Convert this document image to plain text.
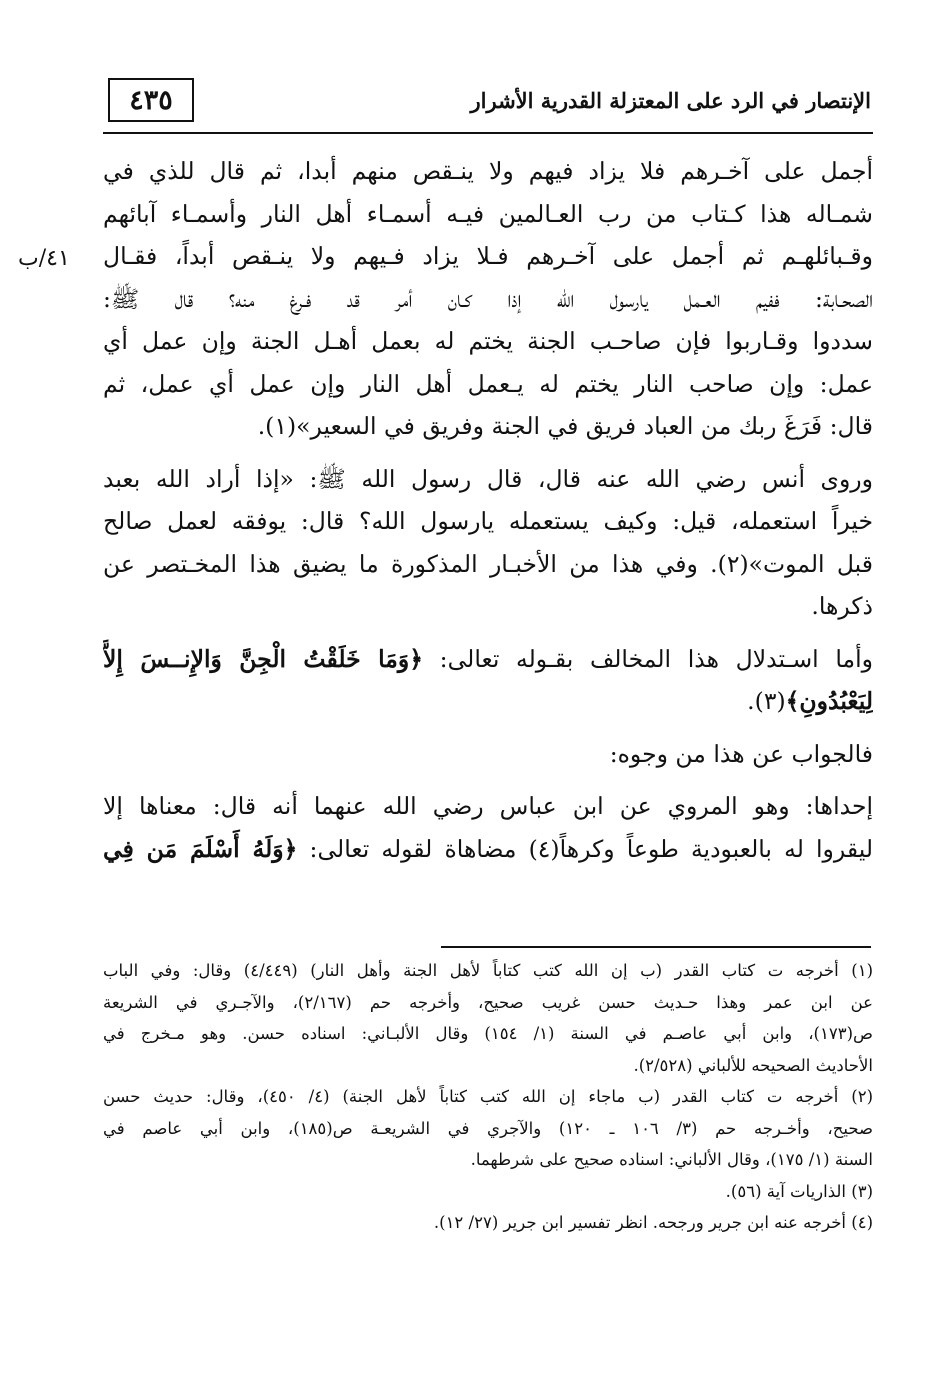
٤٣٥	الإنتصار في الرد على المعتزلة القدرية الأشرار
٤١/ب
أجمل على آخـرهم فلا يزاد فيهم ولا ينـقص منهم أبدا، ثم قال للذي في
شمـاله هذا كـتاب من رب العـالمين فيـه أسمـاء أهل النار وأسمـاء آبائهم
وقـبائلهـم ثم أجمل على آخـرهم فـلا يزاد فـيهم ولا ينـقص أبداً، فقـال
الصحـابة: ففيم العـمل يارسول الله إذا كـان أمر قد فـرغ منه؟ قال ﷺ:
سددوا وقـاربوا فإن صاحـب الجنة يختم له بعمل أهـل الجنة وإن عمل أي
عمل: وإن صاحب النار يختم له يـعمل أهل النار وإن عمل أي عمل، ثم
قال: فَرَغَ ربك من العباد فريق في الجنة وفريق في السعير»(١).
وروى أنس رضي الله عنه قال، قال رسول الله ﷺ: «إذا أراد الله بعبد
خيراً استعمله، قيل: وكيف يستعمله يارسول الله؟ قال: يوفقه لعمل صالح
قبل الموت»(٢). وفي هذا من الأخبـار المذكورة ما يضيق هذا المخـتصر عن
ذكرها.
وأما اسـتدلال هذا المخالف بقـوله تعالى: ﴿وَمَا خَلَقْتُ الْجِنَّ وَالإِنــسَ إِلاَّ
لِيَعْبُدُونِ﴾(٣).
فالجواب عن هذا من وجوه:
إحداها: وهو المروي عن ابن عباس رضي الله عنهما أنه قال: معناها إلا
ليقروا له بالعبودية طوعاً وكرهاً(٤) مضاهاة لقوله تعالى: ﴿وَلَهُ أَسْلَمَ مَن فِي
(١) أخرجه ت كتاب القدر (ب إن الله كتب كتاباً لأهل الجنة وأهل النار) (٤/٤٤٩) وقال: وفي الباب
عن ابن عمر وهذا حـديث حسن غريب صحيح، وأخرجه حم (٢/١٦٧)، والآجـري في الشريعة
ص(١٧٣)، وابن أبي عاصـم في السنة (١/ ١٥٤) وقال الألبـاني: اسناده حسن. وهو مـخرج في
الأحاديث الصحيحه للألباني (٢/٥٢٨).
(٢) أخرجه ت كتاب القدر (ب ماجاء إن الله كتب كتاباً لأهل الجنة) (٤/ ٤٥٠)، وقال: حديث حسن
صحيح، وأخـرجه حم (٣/ ١٠٦ ـ ١٢٠) والآجري في الشريعـة ص(١٨٥)، وابن أبي عاصم في
السنة (١/ ١٧٥)، وقال الألباني: اسناده صحيح على شرطهما.
(٣) الذاريات آية (٥٦).
(٤) أخرجه عنه ابن جرير ورجحه. انظر تفسير ابن جرير (٢٧/ ١٢).
